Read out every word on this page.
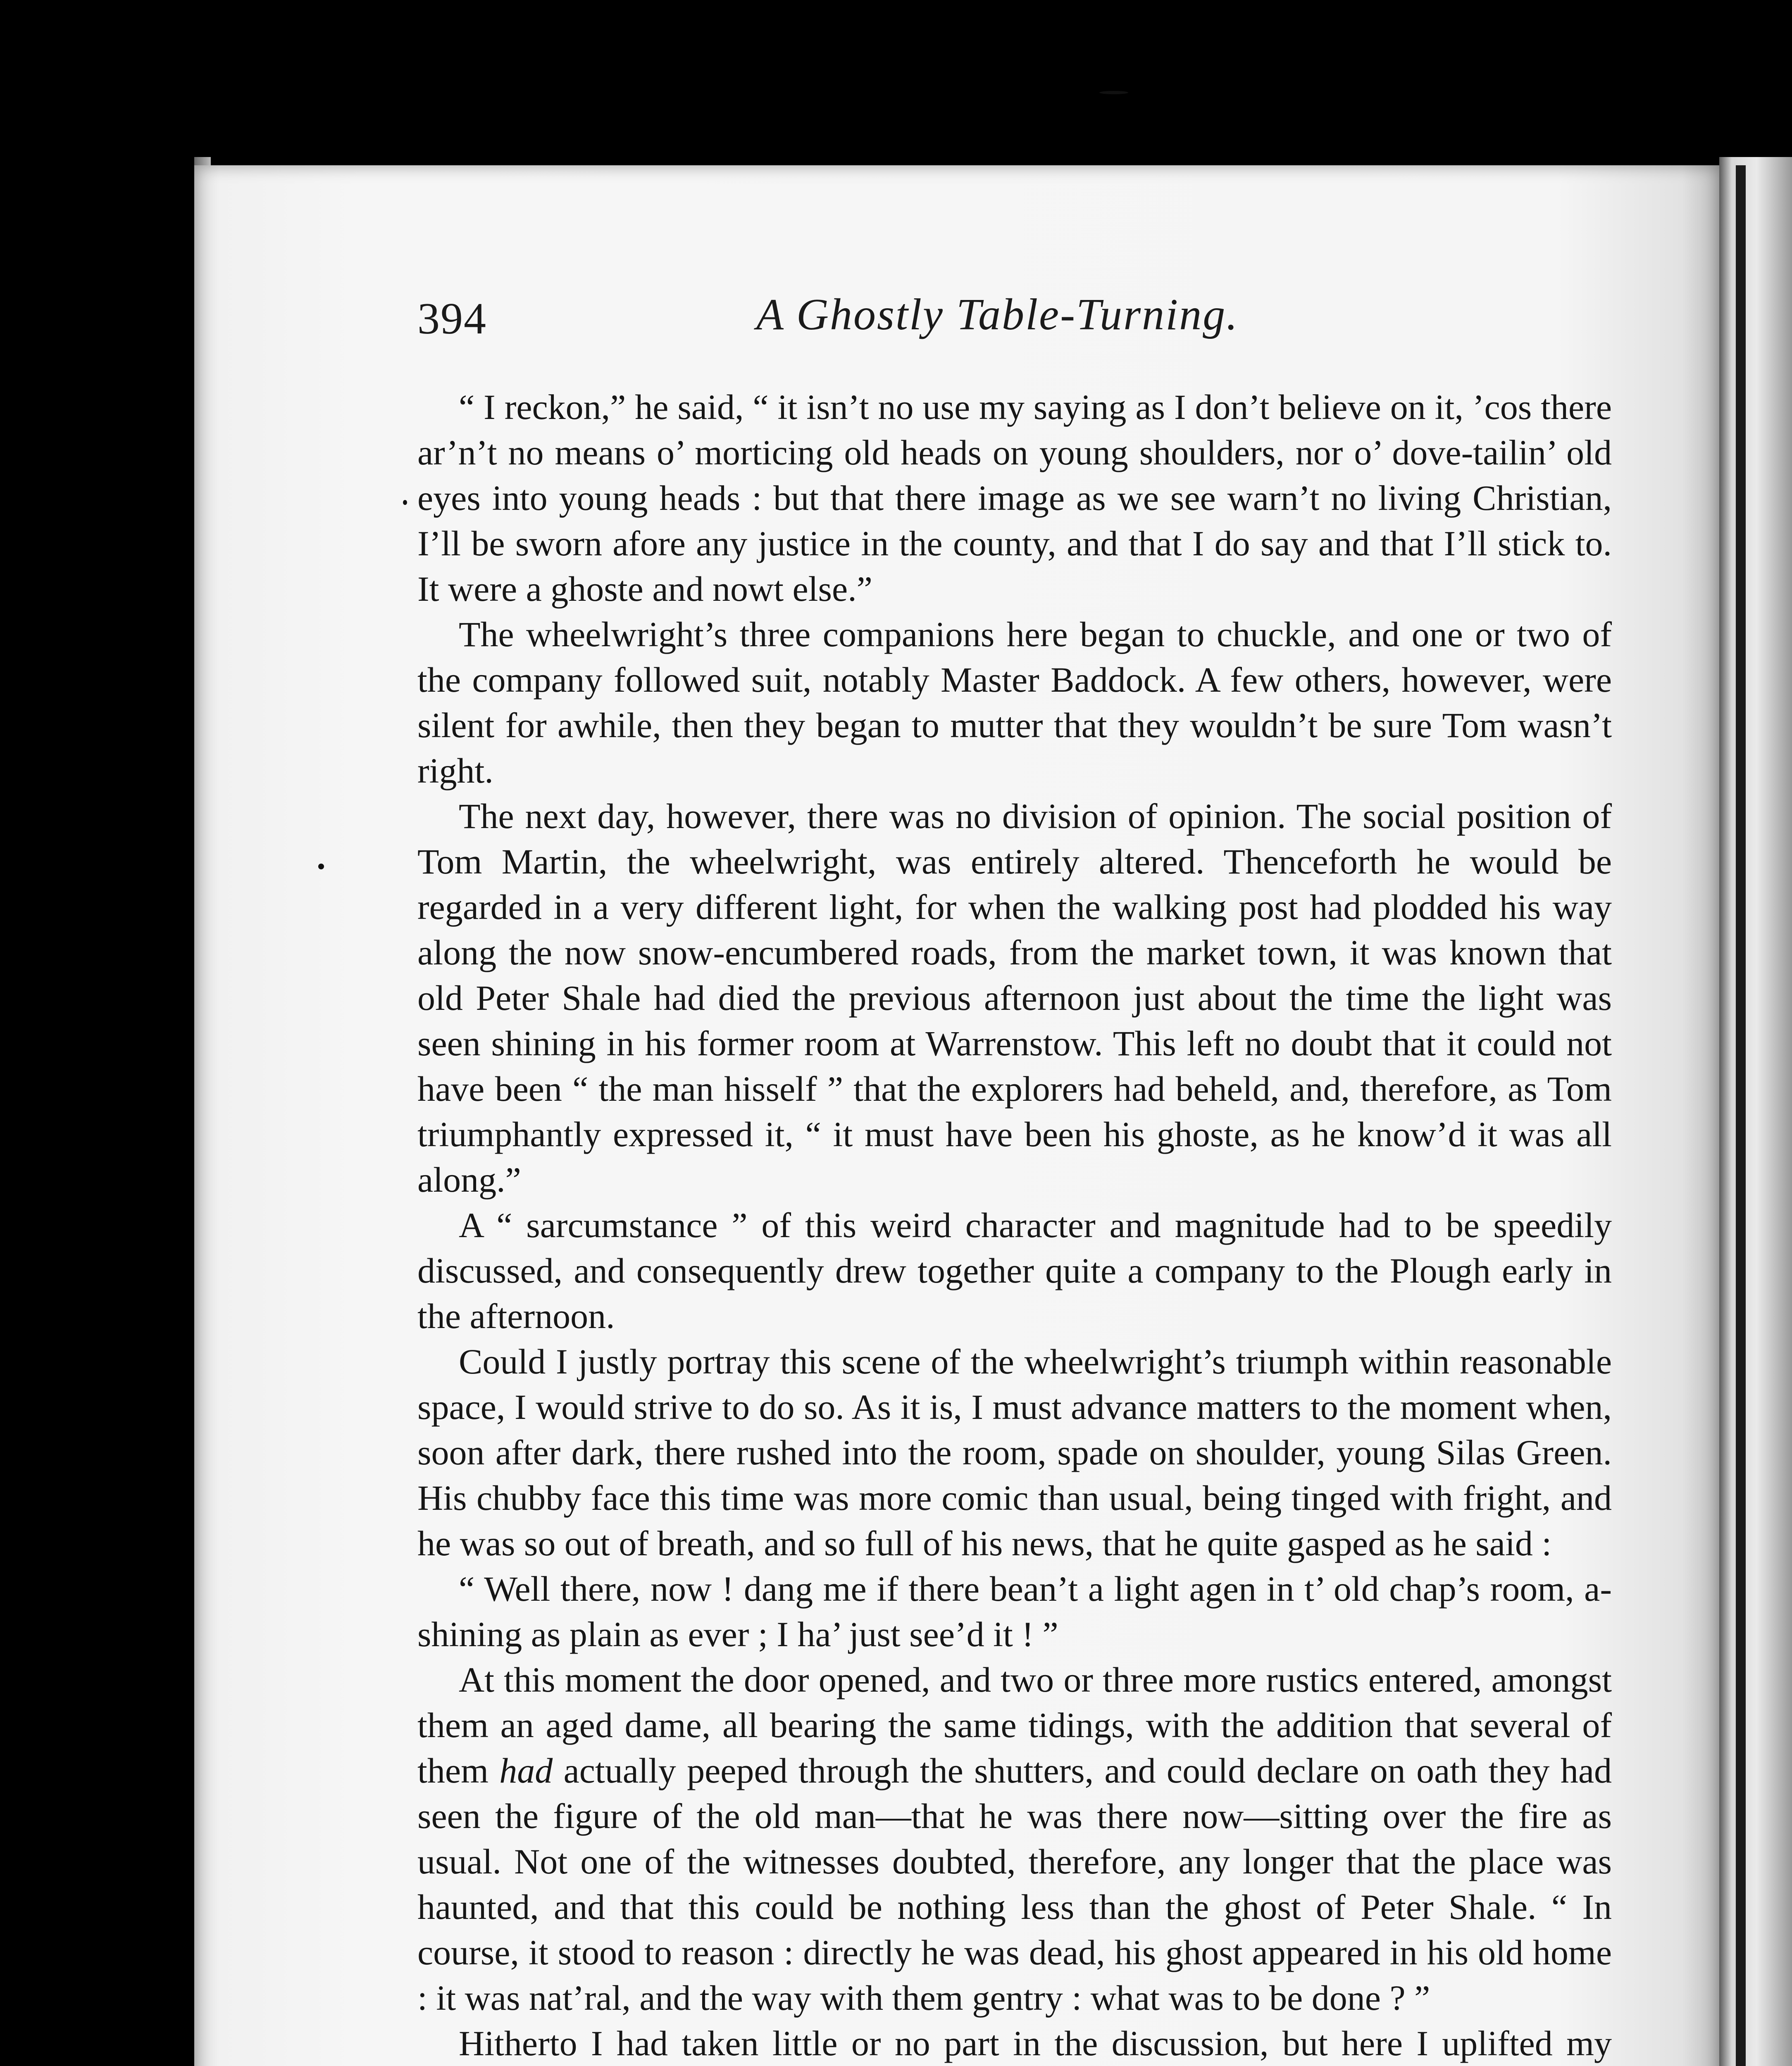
394	A Ghostly Table-Turning.

“ I reckon,” he said, “ it isn’t no use my saying as I don’t believe on it, ’cos there ar’n’t no means o’ morticing old heads on young shoulders, nor o’ dove-tailin’ old eyes into young heads : but that there image as we see warn’t no living Christian, I’ll be sworn afore any justice in the county, and that I do say and that I’ll stick to. It were a ghoste and nowt else.”

The wheelwright’s three companions here began to chuckle, and one or two of the company followed suit, notably Master Baddock. A few others, however, were silent for awhile, then they began to mutter that they wouldn’t be sure Tom wasn’t right.

The next day, however, there was no division of opinion. The social position of Tom Martin, the wheelwright, was entirely altered. Thenceforth he would be regarded in a very different light, for when the walking post had plodded his way along the now snow-encumbered roads, from the market town, it was known that old Peter Shale had died the previous afternoon just about the time the light was seen shining in his former room at Warrenstow. This left no doubt that it could not have been “ the man hisself ” that the explorers had beheld, and, therefore, as Tom triumphantly expressed it, “ it must have been his ghoste, as he know’d it was all along.”

A “ sarcumstance ” of this weird character and magnitude had to be speedily discussed, and consequently drew together quite a company to the Plough early in the afternoon.

Could I justly portray this scene of the wheelwright’s triumph within reasonable space, I would strive to do so. As it is, I must advance matters to the moment when, soon after dark, there rushed into the room, spade on shoulder, young Silas Green. His chubby face this time was more comic than usual, being tinged with fright, and he was so out of breath, and so full of his news, that he quite gasped as he said :

“ Well there, now ! dang me if there bean’t a light agen in t’ old chap’s room, a-shining as plain as ever ; I ha’ just see’d it ! ”

At this moment the door opened, and two or three more rustics entered, amongst them an aged dame, all bearing the same tidings, with the addition that several of them had actually peeped through the shutters, and could declare on oath they had seen the figure of the old man—that he was there now—sitting over the fire as usual. Not one of the witnesses doubted, therefore, any longer that the place was haunted, and that this could be nothing less than the ghost of Peter Shale. “ In course, it stood to reason : directly he was dead, his ghost appeared in his old home : it was nat’ral, and the way with them gentry : what was to be done ? ”

Hitherto I had taken little or no part in the discussion, but here I uplifted my
